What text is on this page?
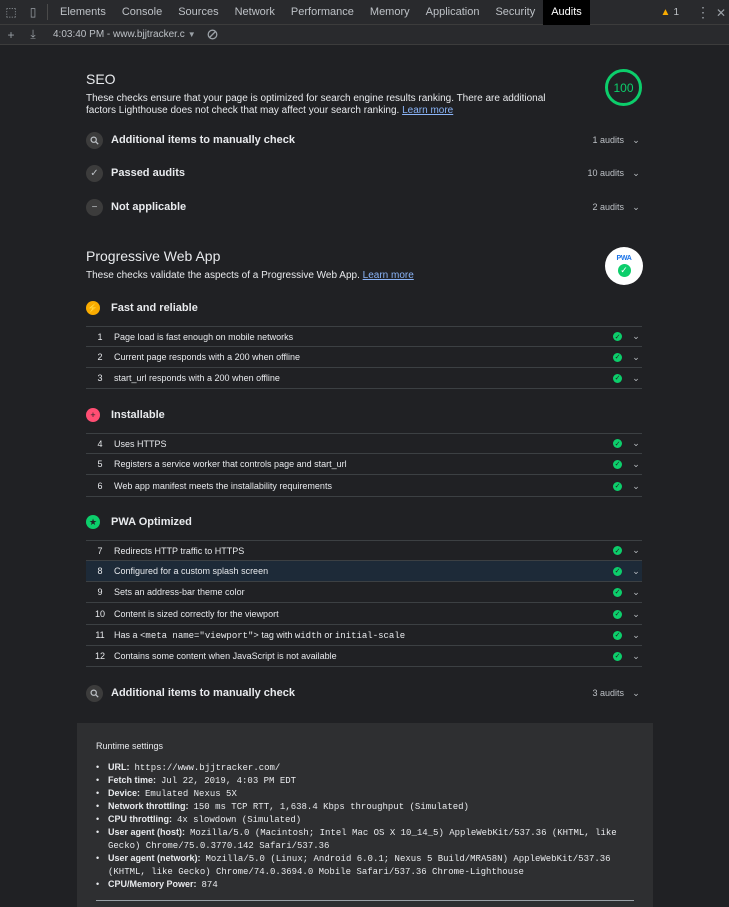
⬚	▯	Elements	Console	Sources	Network	Performance	Memory	Application	Security	Audits	▲ 1 ⋮ ✕
+	⤓	4:03:40 PM - www.bjjtracker.c ▼
SEO
These checks ensure that your page is optimized for search engine results ranking. There are additional factors Lighthouse does not check that may affect your search ranking. Learn more
100
Additional items to manually check	1 audits ⌄
✓	Passed audits	10 audits ⌄
−	Not applicable	2 audits ⌄
Progressive Web App
These checks validate the aspects of a Progressive Web App. Learn more
PWA
✓
⚡ Fast and reliable
1	Page load is fast enough on mobile networks	✓ ⌄
2	Current page responds with a 200 when offline	✓ ⌄
3	start_url responds with a 200 when offline	✓ ⌄
+	Installable
4	Uses HTTPS	✓ ⌄
5	Registers a service worker that controls page and start_url	✓ ⌄
6	Web app manifest meets the installability requirements	✓ ⌄
★ PWA Optimized
7	Redirects HTTP traffic to HTTPS	✓ ⌄
8	Configured for a custom splash screen	✓ ⌄
9	Sets an address-bar theme color	✓ ⌄
10	Content is sized correctly for the viewport	✓ ⌄
11	Has a <meta name="viewport"> tag with width or initial-scale	✓ ⌄
12	Contains some content when JavaScript is not available	✓ ⌄
Additional items to manually check	3 audits ⌄
Runtime settings
• URL: https://www.bjjtracker.com/
• Fetch time: Jul 22, 2019, 4:03 PM EDT
• Device: Emulated Nexus 5X
• Network throttling: 150 ms TCP RTT, 1,638.4 Kbps throughput (Simulated)
• CPU throttling: 4x slowdown (Simulated)
• User agent (host): Mozilla/5.0 (Macintosh; Intel Mac OS X 10_14_5) AppleWebKit/537.36 (KHTML, like Gecko) Chrome/75.0.3770.142 Safari/537.36
• User agent (network): Mozilla/5.0 (Linux; Android 6.0.1; Nexus 5 Build/MRA58N) AppleWebKit/537.36 (KHTML, like Gecko) Chrome/74.0.3694.0 Mobile Safari/537.36 Chrome-Lighthouse
• CPU/Memory Power: 874
